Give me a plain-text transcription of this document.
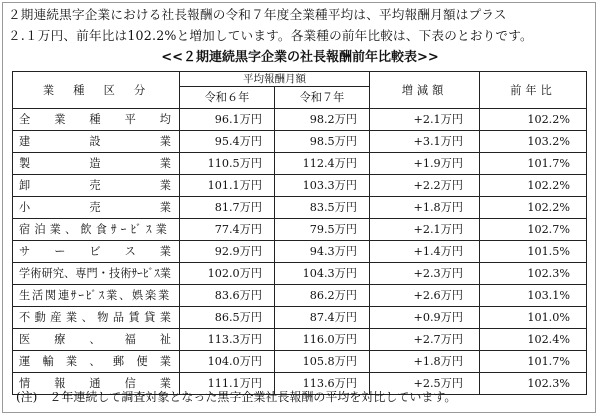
２期連続黒字企業における社長報酬の令和７年度全業種平均は、平均報酬月額はプラス
２.１万円、前年比は102.2%と増加しています。各業種の前年比較は、下表のとおりです。
<<２期連続黒字企業の社長報酬前年比較表>>
業　種　区　分	平均報酬月額		増減額	前年比
	令和６年	令和７年		
全業種平均	96.1万円	98.2万円	+2.1万円	102.2%
建設業	95.4万円	98.5万円	+3.1万円	103.2%
製造業	110.5万円	112.4万円	+1.9万円	101.7%
卸売業	101.1万円	103.3万円	+2.2万円	102.2%
小売業	81.7万円	83.5万円	+1.8万円	102.2%
宿泊業、飲食ｻｰﾋﾞｽ業	77.4万円	79.5万円	+2.1万円	102.7%
サービス業	92.9万円	94.3万円	+1.4万円	101.5%
学術研究、専門・技術ｻｰﾋﾞｽ業	102.0万円	104.3万円	+2.3万円	102.3%
生活関連ｻｰﾋﾞｽ業、娯楽業	83.6万円	86.2万円	+2.6万円	103.1%
不動産業、物品賃貸業	86.5万円	87.4万円	+0.9万円	101.0%
医療、福祉	113.3万円	116.0万円	+2.7万円	102.4%
運輸業、郵便業	104.0万円	105.8万円	+1.8万円	101.7%
情報通信業	111.1万円	113.6万円	+2.5万円	102.3%
(注)　２年連続して調査対象となった黒字企業社長報酬の平均を対比しています。
